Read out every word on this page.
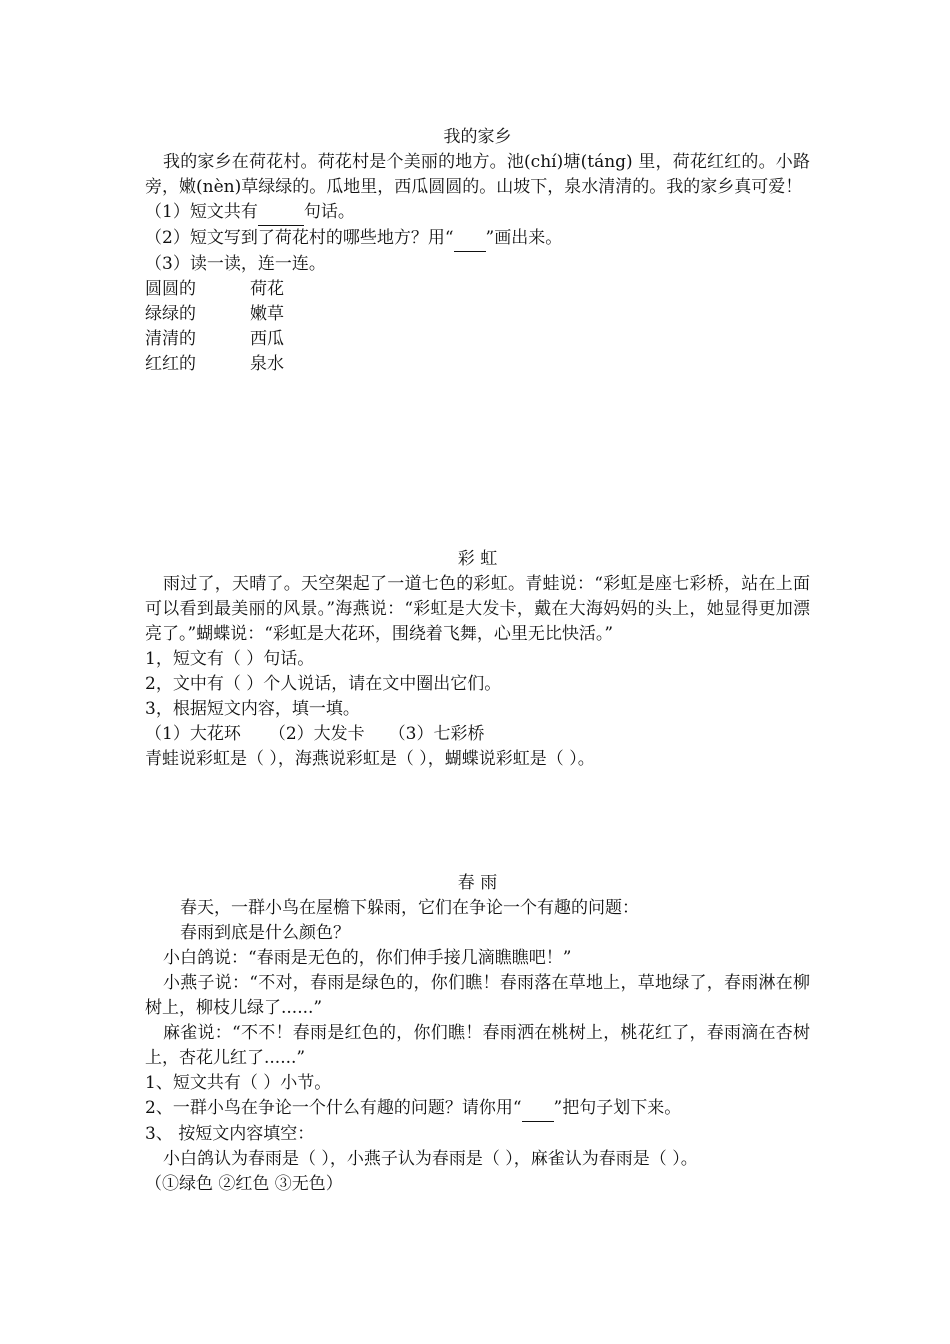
我的家乡
我的家乡在荷花村。荷花村是个美丽的地方。池(chí)塘(táng) 里，荷花红红的。小路旁，嫩(nèn)草绿绿的。瓜地里，西瓜圆圆的。山坡下，泉水清清的。我的家乡真可爱！
（1）短文共有	句话。
（2）短文写到了荷花村的哪些地方？用“ ”画出来。
（3）读一读，连一连。
圆圆的	荷花
绿绿的	嫩草
清清的	西瓜
红红的	泉水
彩 虹
雨过了，天晴了。天空架起了一道七色的彩虹。青蛙说：“彩虹是座七彩桥，站在上面可以看到最美丽的风景。”海燕说：“彩虹是大发卡，戴在大海妈妈的头上，她显得更加漂亮了。”蝴蝶说：“彩虹是大花环，围绕着飞舞，心里无比快活。”
1，短文有（ ）句话。
2，文中有（ ）个人说话，请在文中圈出它们。
3，根据短文内容，填一填。
（1）大花环 （2）大发卡 （3）七彩桥
青蛙说彩虹是（ ），海燕说彩虹是（ ），蝴蝶说彩虹是（ ）。
春 雨
春天，一群小鸟在屋檐下躲雨，它们在争论一个有趣的问题：
春雨到底是什么颜色？
小白鸽说：“春雨是无色的，你们伸手接几滴瞧瞧吧！”
小燕子说：“不对，春雨是绿色的，你们瞧！春雨落在草地上，草地绿了，春雨淋在柳树上，柳枝儿绿了......”
麻雀说：“不不！春雨是红色的，你们瞧！春雨洒在桃树上，桃花红了，春雨滴在杏树上，杏花儿红了......”
1、短文共有（ ）小节。
2、一群小鸟在争论一个什么有趣的问题？请你用“ ”把句子划下来。
3、 按短文内容填空：
小白鸽认为春雨是（ ），小燕子认为春雨是（ ），麻雀认为春雨是（ ）。
（①绿色 ②红色 ③无色）
